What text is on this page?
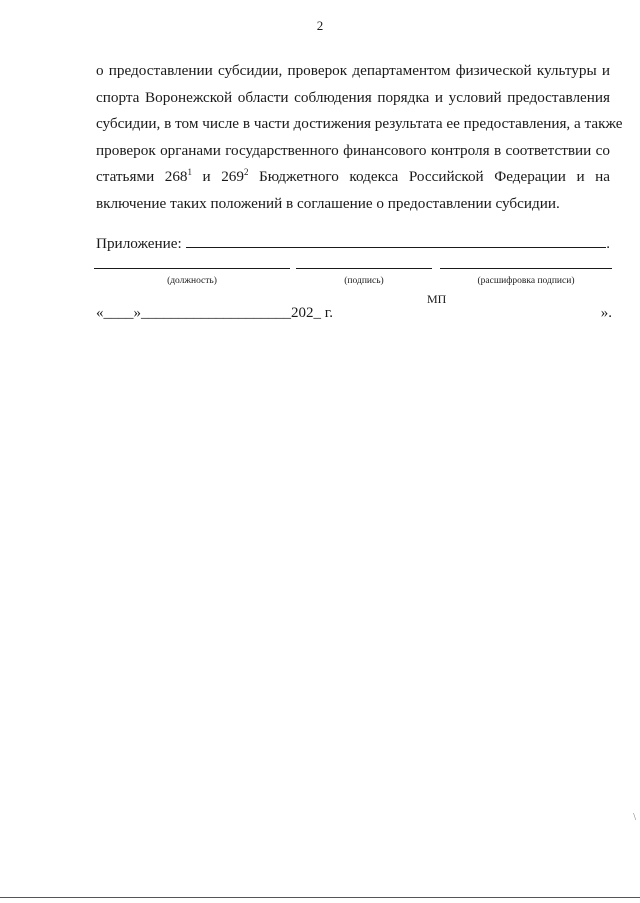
2
о предоставлении субсидии, проверок департаментом физической культуры и
спорта Воронежской области соблюдения порядка и условий предоставления
субсидии, в том числе в части достижения результата ее предоставления, а также
проверок органами государственного финансового контроля в соответствии со
статьями $268^1$ и $269^2$ Бюджетного кодекса Российской Федерации и на
включение таких положений в соглашение о предоставлении субсидии.
Приложение:	.
(должность)	(подпись)	(расшифровка подписи)
МП
«____»____________________202_ г.	».
\
